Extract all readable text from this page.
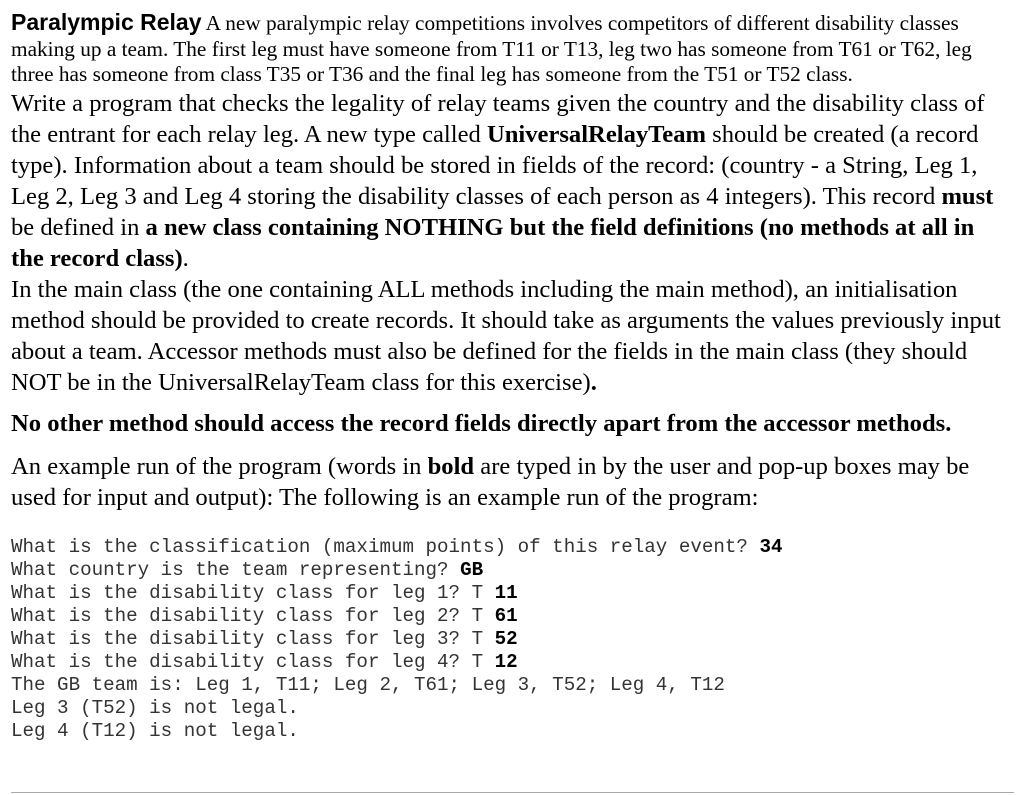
Paralympic Relay A new paralympic relay competitions involves competitors of different disability classes making up a team. The first leg must have someone from T11 or T13, leg two has someone from T61 or T62, leg three has someone from class T35 or T36 and the final leg has someone from the T51 or T52 class.

Write a program that checks the legality of relay teams given the country and the disability class of the entrant for each relay leg. A new type called UniversalRelayTeam should be created (a record type). Information about a team should be stored in fields of the record: (country - a String, Leg 1, Leg 2, Leg 3 and Leg 4 storing the disability classes of each person as 4 integers). This record must be defined in a new class containing NOTHING but the field definitions (no methods at all in the record class).

In the main class (the one containing ALL methods including the main method), an initialisation method should be provided to create records. It should take as arguments the values previously input about a team. Accessor methods must also be defined for the fields in the main class (they should NOT be in the UniversalRelayTeam class for this exercise).

No other method should access the record fields directly apart from the accessor methods.

An example run of the program (words in bold are typed in by the user and pop-up boxes may be used for input and output): The following is an example run of the program:

What is the classification (maximum points) of this relay event? 34
What country is the team representing? GB
What is the disability class for leg 1? T 11
What is the disability class for leg 2? T 61
What is the disability class for leg 3? T 52
What is the disability class for leg 4? T 12
The GB team is: Leg 1, T11; Leg 2, T61; Leg 3, T52; Leg 4, T12
Leg 3 (T52) is not legal.
Leg 4 (T12) is not legal.
